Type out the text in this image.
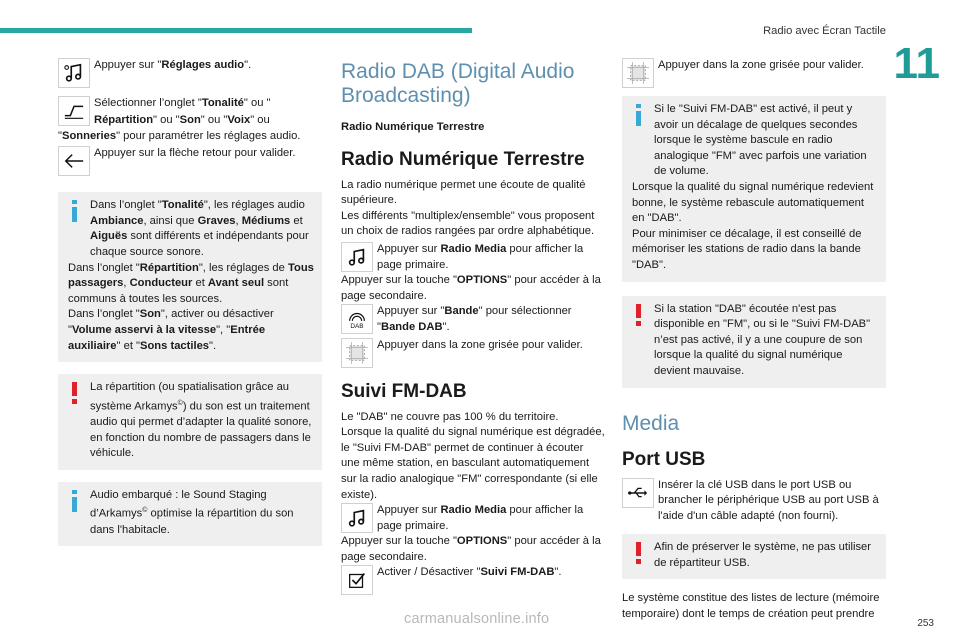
Radio avec Écran Tactile
11
Appuyer sur "Réglages audio".
Sélectionner l’onglet "Tonalité" ou "
Répartition" ou "Son" ou "Voix" ou "Sonneries" pour paramétrer les réglages audio.
Appuyer sur la flèche retour pour valider.
Dans l’onglet "Tonalité", les réglages audio Ambiance, ainsi que Graves, Médiums et Aiguës sont différents et indépendants pour chaque source sonore.
Dans l’onglet "Répartition", les réglages de Tous passagers, Conducteur et Avant seul sont communs à toutes les sources.
Dans l’onglet "Son", activer ou désactiver "Volume asservi à la vitesse", "Entrée auxiliaire" et "Sons tactiles".
La répartition (ou spatialisation grâce au système Arkamys©) du son est un traitement audio qui permet d’adapter la qualité sonore, en fonction du nombre de passagers dans le véhicule.
Audio embarqué : le Sound Staging d’Arkamys© optimise la répartition du son dans l'habitacle.
Radio DAB (Digital Audio Broadcasting)
Radio Numérique Terrestre
Radio Numérique Terrestre
La radio numérique permet une écoute de qualité supérieure.
Les différents "multiplex/ensemble" vous proposent un choix de radios rangées par ordre alphabétique.
Appuyer sur Radio Media pour afficher la page primaire.
Appuyer sur la touche "OPTIONS" pour accéder à la page secondaire.
DAB
Appuyer sur "Bande" pour sélectionner "Bande DAB".
Appuyer dans la zone grisée pour valider.
Suivi FM-DAB
Le "DAB" ne couvre pas 100 % du territoire.
Lorsque la qualité du signal numérique est dégradée, le "Suivi FM-DAB" permet de continuer à écouter une même station, en basculant automatiquement sur la radio analogique "FM" correspondante (si elle existe).
Appuyer sur Radio Media pour afficher la page primaire.
Appuyer sur la touche "OPTIONS" pour accéder à la page secondaire.
Activer / Désactiver "Suivi FM-DAB".
Appuyer dans la zone grisée pour valider.
Si le "Suivi FM-DAB" est activé, il peut y avoir un décalage de quelques secondes lorsque le système bascule en radio analogique "FM" avec parfois une variation de volume.
Lorsque la qualité du signal numérique redevient bonne, le système rebascule automatiquement en "DAB".
Pour minimiser ce décalage, il est conseillé de mémoriser les stations de radio dans la bande "DAB".
Si la station "DAB" écoutée n'est pas disponible en "FM", ou si le "Suivi FM-DAB" n’est pas activé, il y a une coupure de son lorsque la qualité du signal numérique devient mauvaise.
Media
Port USB
Insérer la clé USB dans le port USB ou brancher le périphérique USB au port USB à l'aide d'un câble adapté (non fourni).
Afin de préserver le système, ne pas utiliser de répartiteur USB.
Le système constitue des listes de lecture (mémoire temporaire) dont le temps de création peut prendre
carmanualsonline.info	253
